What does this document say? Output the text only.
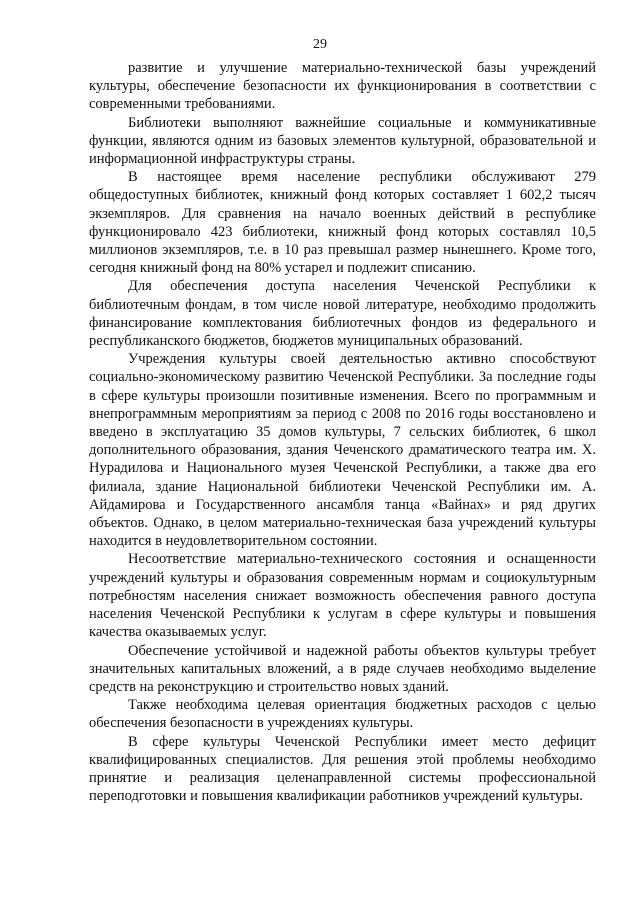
29

развитие и улучшение материально-технической базы учреждений культуры, обеспечение безопасности их функционирования в соответствии с современными требованиями.

Библиотеки выполняют важнейшие социальные и коммуникативные функции, являются одним из базовых элементов культурной, образовательной и информационной инфраструктуры страны.

В настоящее время население республики обслуживают 279 общедоступных библиотек, книжный фонд которых составляет 1 602,2 тысяч экземпляров. Для сравнения на начало военных действий в республике функционировало 423 библиотеки, книжный фонд которых составлял 10,5 миллионов экземпляров, т.е. в 10 раз превышал размер нынешнего. Кроме того, сегодня книжный фонд на 80% устарел и подлежит списанию.

Для обеспечения доступа населения Чеченской Республики к библиотечным фондам, в том числе новой литературе, необходимо продолжить финансирование комплектования библиотечных фондов из федерального и республиканского бюджетов, бюджетов муниципальных образований.

Учреждения культуры своей деятельностью активно способствуют социально-экономическому развитию Чеченской Республики. За последние годы в сфере культуры произошли позитивные изменения. Всего по программным и внепрограммным мероприятиям за период с 2008 по 2016 годы восстановлено и введено в эксплуатацию 35 домов культуры, 7 сельских библиотек, 6 школ дополнительного образования, здания Чеченского драматического театра им. Х. Нурадилова и Национального музея Чеченской Республики, а также два его филиала, здание Национальной библиотеки Чеченской Республики им. А. Айдамирова и Государственного ансамбля танца «Вайнах» и ряд других объектов. Однако, в целом материально-техническая база учреждений культуры находится в неудовлетворительном состоянии.

Несоответствие материально-технического состояния и оснащенности учреждений культуры и образования современным нормам и социокультурным потребностям населения снижает возможность обеспечения равного доступа населения Чеченской Республики к услугам в сфере культуры и повышения качества оказываемых услуг.

Обеспечение устойчивой и надежной работы объектов культуры требует значительных капитальных вложений, а в ряде случаев необходимо выделение средств на реконструкцию и строительство новых зданий.

Также необходима целевая ориентация бюджетных расходов с целью обеспечения безопасности в учреждениях культуры.

В сфере культуры Чеченской Республики имеет место дефицит квалифицированных специалистов. Для решения этой проблемы необходимо принятие и реализация целенаправленной системы профессиональной переподготовки и повышения квалификации работников учреждений культуры.
